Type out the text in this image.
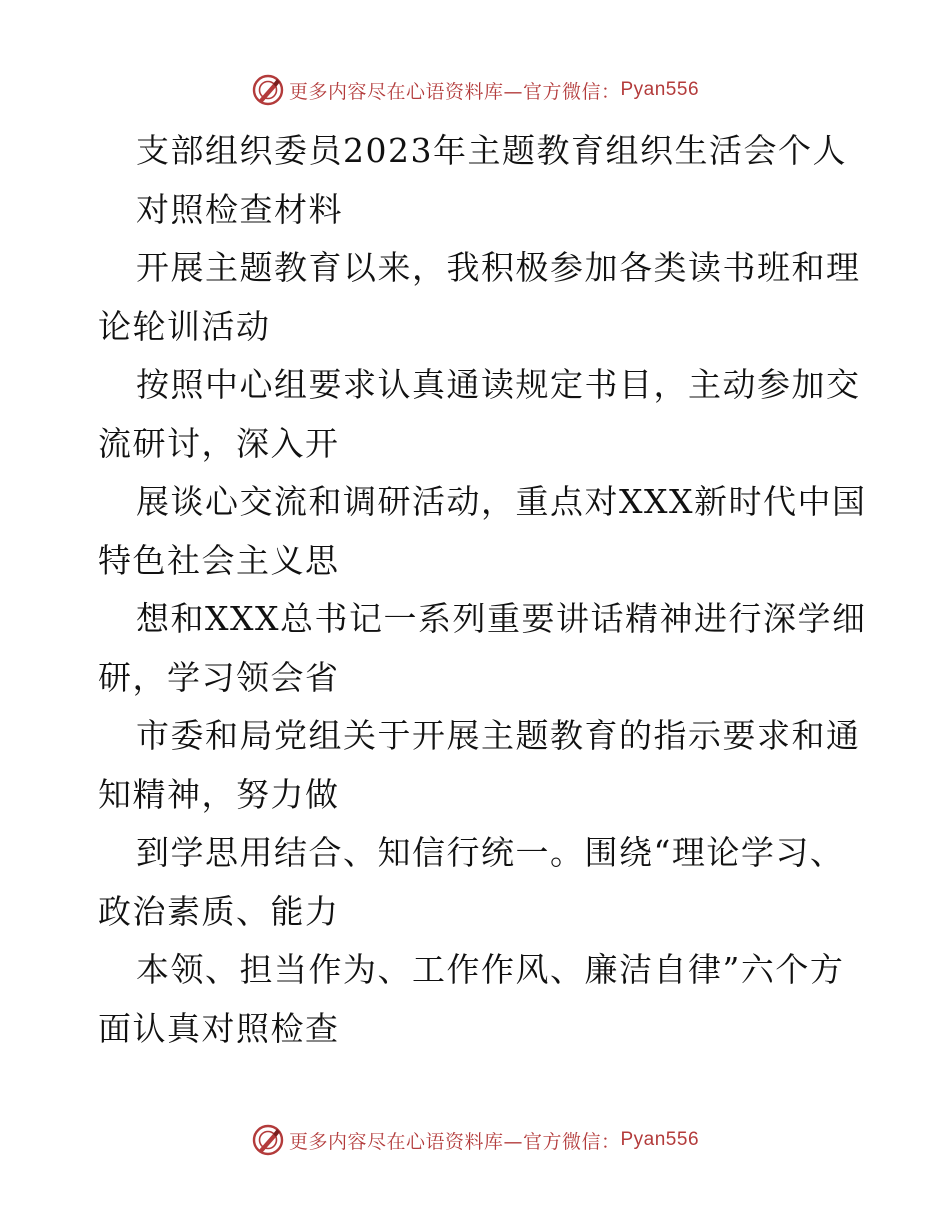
更多内容尽在心语资料库—官方微信： Pyan556
支部组织委员2023年主题教育组织生活会个人
对照检查材料
开展主题教育以来，我积极参加各类读书班和理
论轮训活动
按照中心组要求认真通读规定书目，主动参加交
流研讨，深入开
展谈心交流和调研活动，重点对XXX新时代中国
特色社会主义思
想和XXX总书记一系列重要讲话精神进行深学细
研，学习领会省
市委和局党组关于开展主题教育的指示要求和通
知精神，努力做
到学思用结合、知信行统一。围绕“理论学习、
政治素质、能力
本领、担当作为、工作作风、廉洁自律”六个方
面认真对照检查
更多内容尽在心语资料库—官方微信： Pyan556
